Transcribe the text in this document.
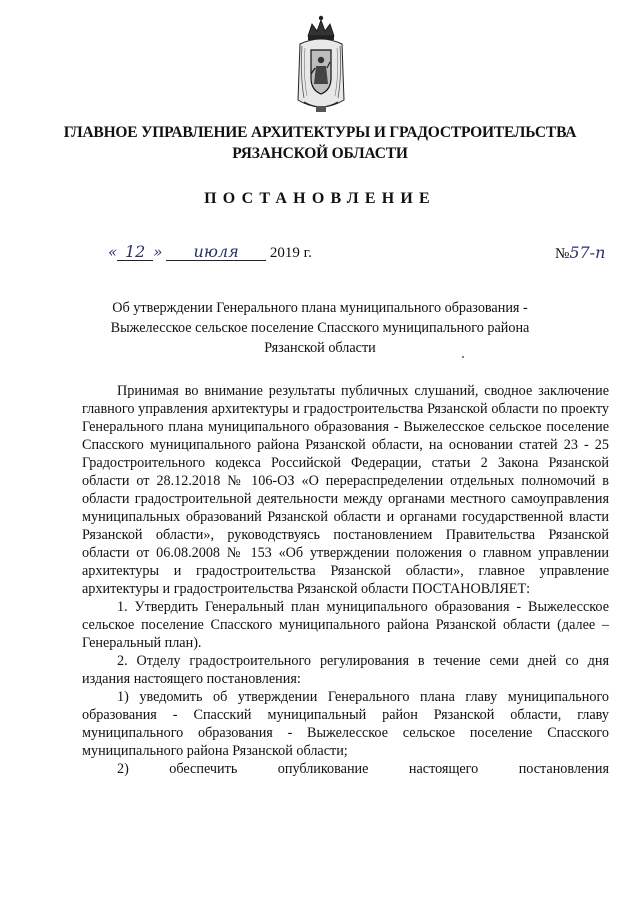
ГЛАВНОЕ УПРАВЛЕНИЕ АРХИТЕКТУРЫ И ГРАДОСТРОИТЕЛЬСТВА
РЯЗАНСКОЙ ОБЛАСТИ
ПОСТАНОВЛЕНИЕ
« 12 » июля 2019 г.	№57-п
Об утверждении Генерального плана муниципального образования -
Выжелесское сельское поселение Спасского муниципального района
Рязанской области

Принимая во внимание результаты публичных слушаний, сводное заключение главного управления архитектуры и градостроительства Рязанской области по проекту Генерального плана муниципального образования - Выжелесское сельское поселение Спасского муниципального района Рязанской области, на основании статей 23 - 25 Градостроительного кодекса Российской Федерации, статьи 2 Закона Рязанской области от 28.12.2018 № 106-ОЗ «О перераспределении отдельных полномочий в области градостроительной деятельности между органами местного самоуправления муниципальных образований Рязанской области и органами государственной власти Рязанской области», руководствуясь постановлением Правительства Рязанской области от 06.08.2008 № 153 «Об утверждении положения о главном управлении архитектуры и градостроительства Рязанской области», главное управление архитектуры и градостроительства Рязанской области ПОСТАНОВЛЯЕТ:

1. Утвердить Генеральный план муниципального образования - Выжелесское сельское поселение Спасского муниципального района Рязанской области (далее – Генеральный план).

2. Отделу градостроительного регулирования в течение семи дней со дня издания настоящего постановления:

1) уведомить об утверждении Генерального плана главу муниципального образования - Спасский муниципальный район Рязанской области, главу муниципального образования - Выжелесское сельское поселение Спасского муниципального района Рязанской области;

2) обеспечить опубликование настоящего постановления
